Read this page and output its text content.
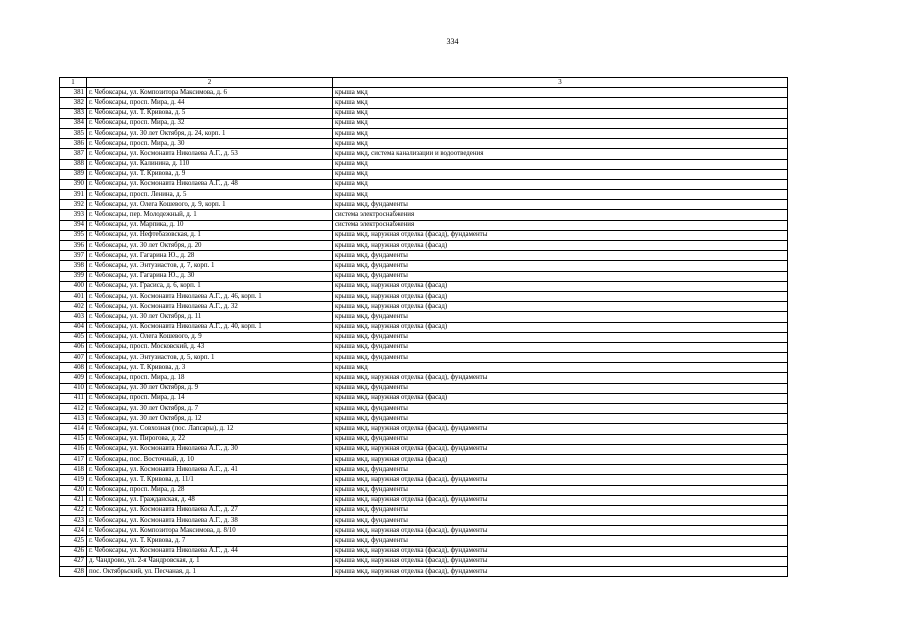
334
1	2	3
381	г. Чебоксары, ул. Композитора Максимова, д. 6	крыша мкд
382	г. Чебоксары, просп. Мира, д. 44	крыша мкд
383	г. Чебоксары, ул. Т. Кривова, д. 5	крыша мкд
384	г. Чебоксары, просп. Мира, д. 32	крыша мкд
385	г. Чебоксары, ул. 30 лет Октября, д. 24, корп. 1	крыша мкд
386	г. Чебоксары, просп. Мира, д. 30	крыша мкд
387	г. Чебоксары, ул. Космонавта Николаева А.Г., д. 53	крыша мкд, система канализации и водоотведения
388	г. Чебоксары, ул. Калинина, д. 110	крыша мкд
389	г. Чебоксары, ул. Т. Кривова, д. 9	крыша мкд
390	г. Чебоксары, ул. Космонавта Николаева А.Г., д. 48	крыша мкд
391	г. Чебоксары, просп. Ленина, д. 5	крыша мкд
392	г. Чебоксары, ул. Олега Кошевого, д. 9, корп. 1	крыша мкд, фундаменты
393	г. Чебоксары, пер. Молодежный, д. 1	система электроснабжения
394	г. Чебоксары, ул. Марпика, д. 10	система электроснабжения
395	г. Чебоксары, ул. Нефтебазовская, д. 1	крыша мкд, наружная отделка (фасад), фундаменты
396	г. Чебоксары, ул. 30 лет Октября, д. 20	крыша мкд, наружная отделка (фасад)
397	г. Чебоксары, ул. Гагарина Ю., д. 28	крыша мкд, фундаменты
398	г. Чебоксары, ул. Энтузиастов, д. 7, корп. 1	крыша мкд, фундаменты
399	г. Чебоксары, ул. Гагарина Ю., д. 30	крыша мкд, фундаменты
400	г. Чебоксары, ул. Грасиса, д. 6, корп. 1	крыша мкд, наружная отделка (фасад)
401	г. Чебоксары, ул. Космонавта Николаева А.Г., д. 46, корп. 1	крыша мкд, наружная отделка (фасад)
402	г. Чебоксары, ул. Космонавта Николаева А.Г., д. 32	крыша мкд, наружная отделка (фасад)
403	г. Чебоксары, ул. 30 лет Октября, д. 11	крыша мкд, фундаменты
404	г. Чебоксары, ул. Космонавта Николаева А.Г., д. 40, корп. 1	крыша мкд, наружная отделка (фасад)
405	г. Чебоксары, ул. Олега Кошевого, д. 9	крыша мкд, фундаменты
406	г. Чебоксары, просп. Московский, д. 43	крыша мкд, фундаменты
407	г. Чебоксары, ул. Энтузиастов, д. 5, корп. 1	крыша мкд, фундаменты
408	г. Чебоксары, ул. Т. Кривова, д. 3	крыша мкд
409	г. Чебоксары, просп. Мира, д. 18	крыша мкд, наружная отделка (фасад), фундаменты
410	г. Чебоксары, ул. 30 лет Октября, д. 9	крыша мкд, фундаменты
411	г. Чебоксары, просп. Мира, д. 14	крыша мкд, наружная отделка (фасад)
412	г. Чебоксары, ул. 30 лет Октября, д. 7	крыша мкд, фундаменты
413	г. Чебоксары, ул. 30 лет Октября, д. 12	крыша мкд, фундаменты
414	г. Чебоксары, ул. Совхозная (пос. Лапсары), д. 12	крыша мкд, наружная отделка (фасад), фундаменты
415	г. Чебоксары, ул. Пирогова, д. 22	крыша мкд, фундаменты
416	г. Чебоксары, ул. Космонавта Николаева А.Г., д. 30	крыша мкд, наружная отделка (фасад), фундаменты
417	г. Чебоксары, пос. Восточный, д. 10	крыша мкд, наружная отделка (фасад)
418	г. Чебоксары, ул. Космонавта Николаева А.Г., д. 41	крыша мкд, фундаменты
419	г. Чебоксары, ул. Т. Кривова, д. 11/1	крыша мкд, наружная отделка (фасад), фундаменты
420	г. Чебоксары, просп. Мира, д. 28	крыша мкд, фундаменты
421	г. Чебоксары, ул. Гражданская, д. 48	крыша мкд, наружная отделка (фасад), фундаменты
422	г. Чебоксары, ул. Космонавта Николаева А.Г., д. 27	крыша мкд, фундаменты
423	г. Чебоксары, ул. Космонавта Николаева А.Г., д. 38	крыша мкд, фундаменты
424	г. Чебоксары, ул. Композитора Максимова, д. 8/10	крыша мкд, наружная отделка (фасад), фундаменты
425	г. Чебоксары, ул. Т. Кривова, д. 7	крыша мкд, фундаменты
426	г. Чебоксары, ул. Космонавта Николаева А.Г., д. 44	крыша мкд, наружная отделка (фасад), фундаменты
427	д. Чандрово, ул. 2-я Чандровская, д. 1	крыша мкд, наружная отделка (фасад), фундаменты
428	пос. Октябрьский, ул. Песчаная, д. 1	крыша мкд, наружная отделка (фасад), фундаменты
